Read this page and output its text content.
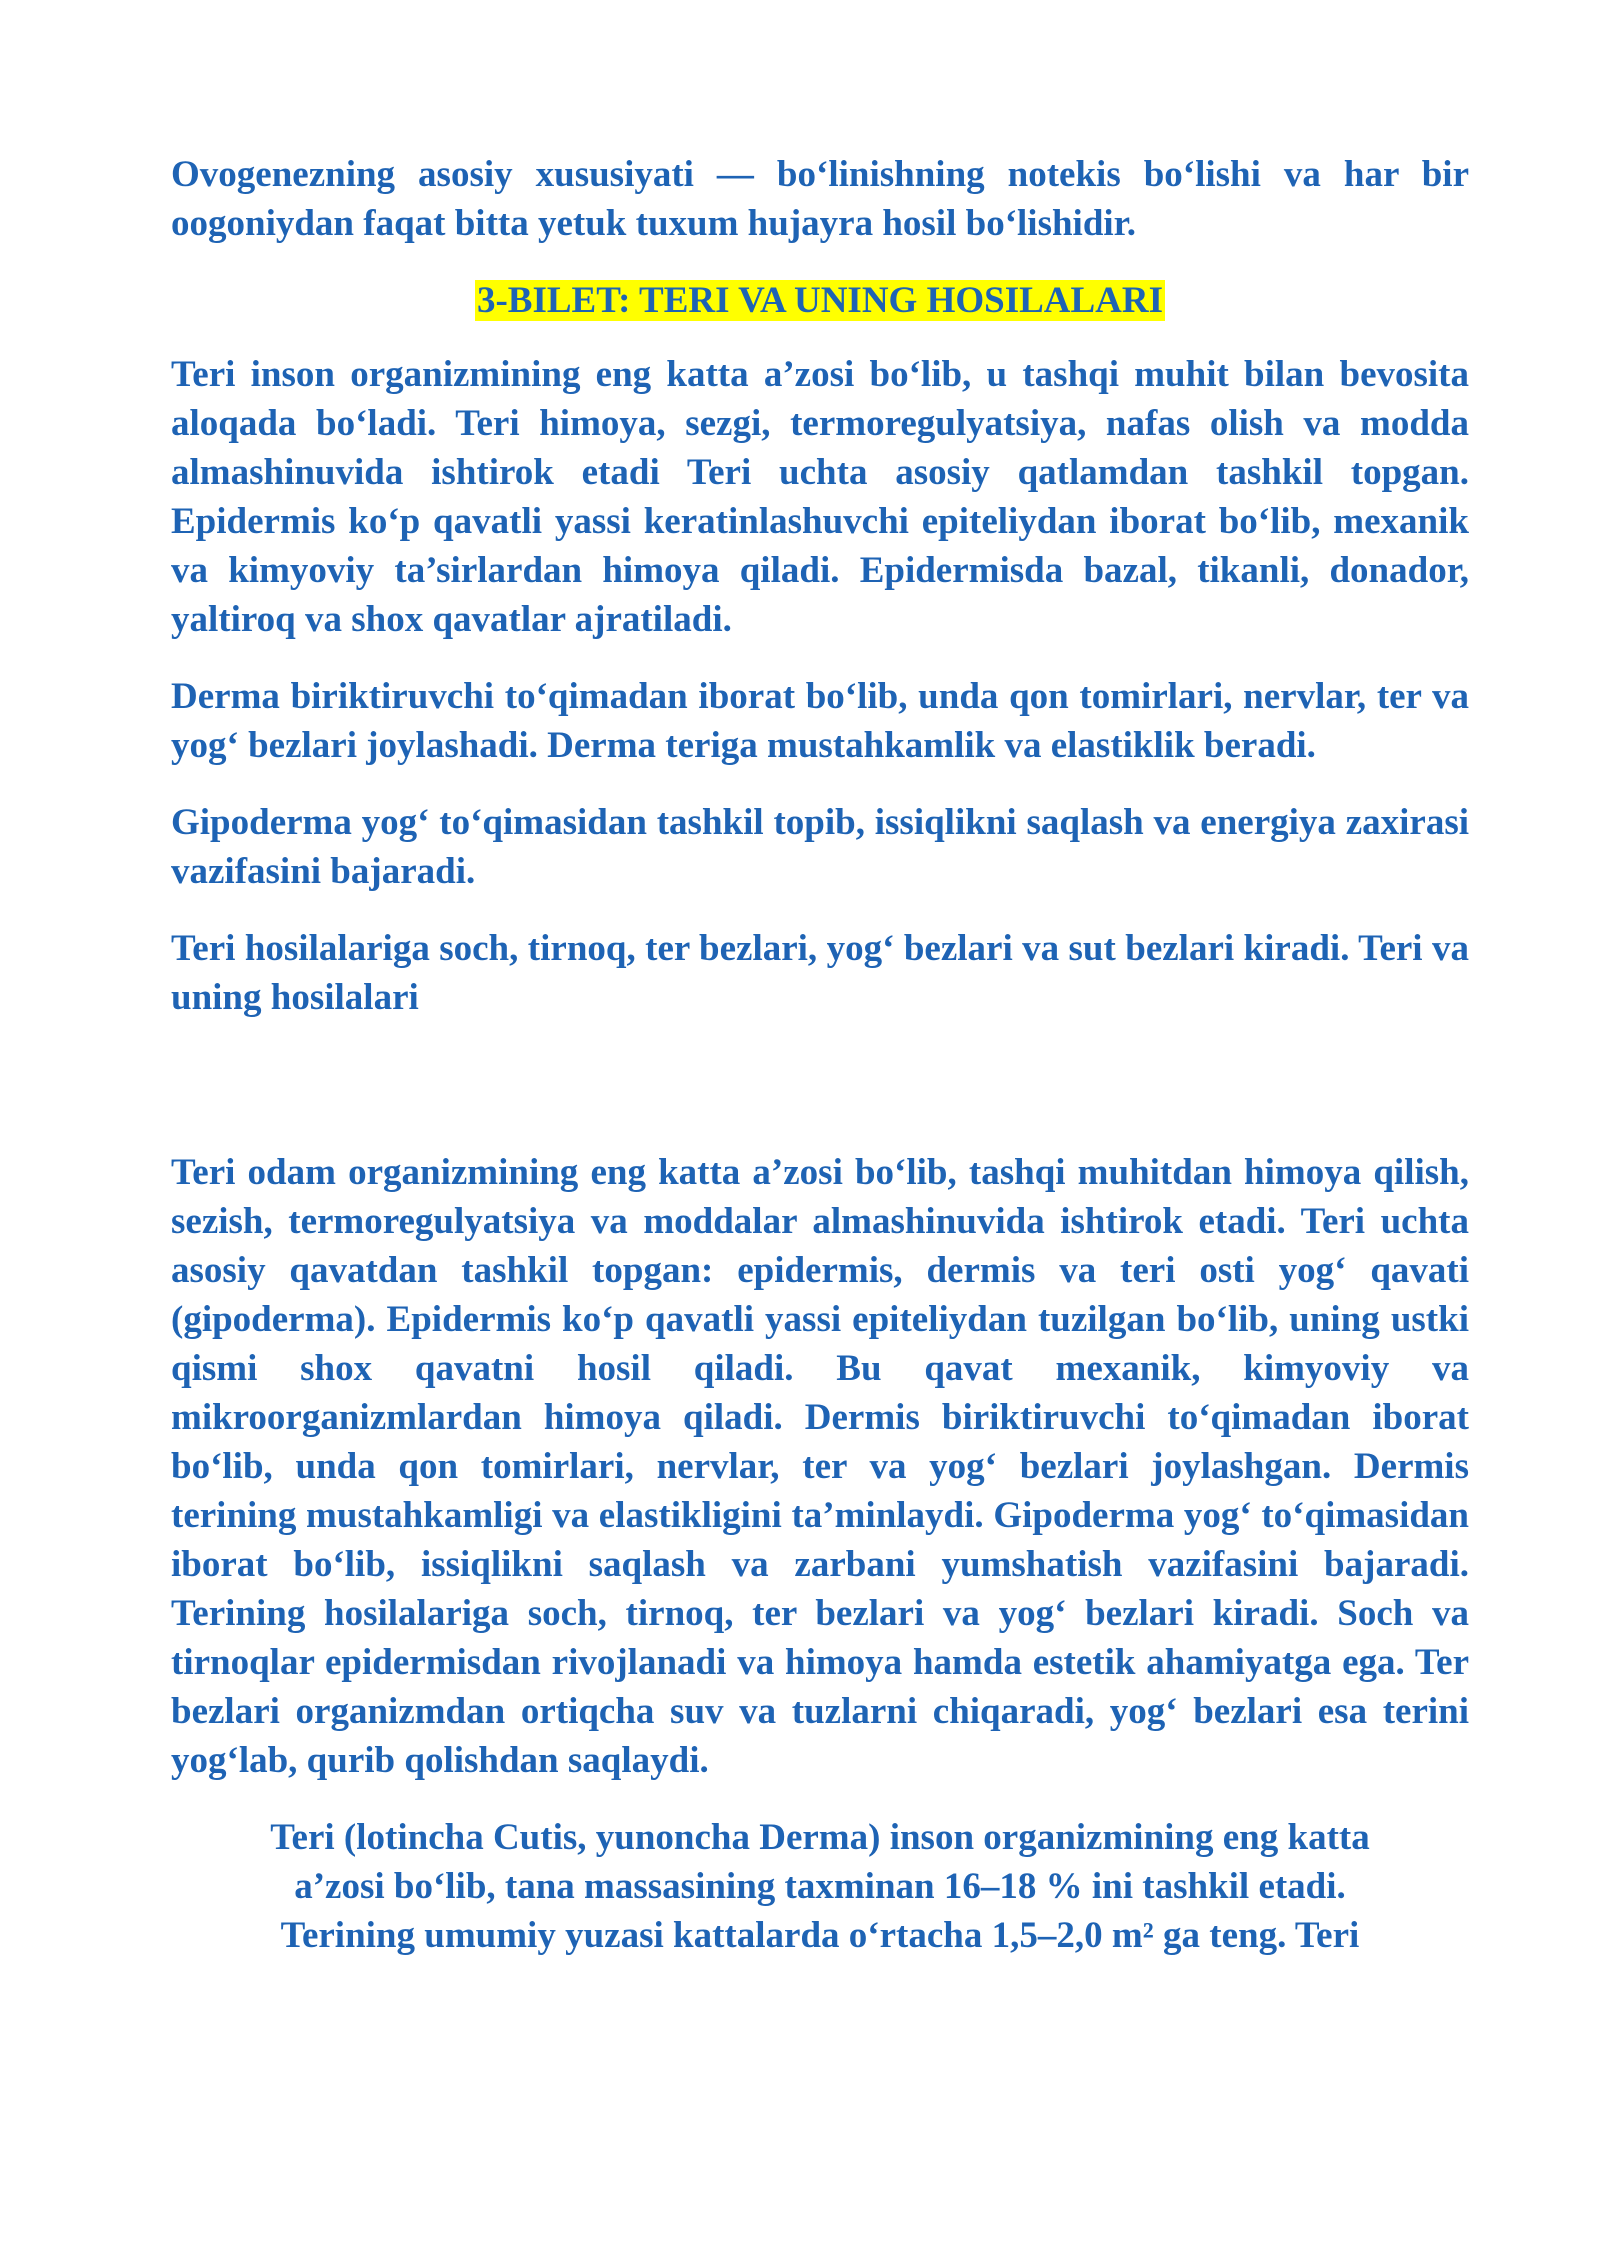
Ovogenezning asosiy xususiyati — bo‘linishning notekis bo‘lishi va har bir oogoniydan faqat bitta yetuk tuxum hujayra hosil bo‘lishidir.

3-BILET: TERI VA UNING HOSILALARI

Teri inson organizmining eng katta a’zosi bo‘lib, u tashqi muhit bilan bevosita aloqada bo‘ladi. Teri himoya, sezgi, termoregulyatsiya, nafas olish va modda almashinuvida ishtirok etadi Teri uchta asosiy qatlamdan tashkil topgan. Epidermis ko‘p qavatli yassi keratinlashuvchi epiteliydan iborat bo‘lib, mexanik va kimyoviy ta’sirlardan himoya qiladi. Epidermisda bazal, tikanli, donador, yaltiroq va shox qavatlar ajratiladi.

Derma biriktiruvchi to‘qimadan iborat bo‘lib, unda qon tomirlari, nervlar, ter va yog‘ bezlari joylashadi. Derma teriga mustahkamlik va elastiklik beradi.

Gipoderma yog‘ to‘qimasidan tashkil topib, issiqlikni saqlash va energiya zaxirasi vazifasini bajaradi.

Teri hosilalariga soch, tirnoq, ter bezlari, yog‘ bezlari va sut bezlari kiradi. Teri va uning hosilalari

Teri odam organizmining eng katta a’zosi bo‘lib, tashqi muhitdan himoya qilish, sezish, termoregulyatsiya va moddalar almashinuvida ishtirok etadi. Teri uchta asosiy qavatdan tashkil topgan: epidermis, dermis va teri osti yog‘ qavati (gipoderma). Epidermis ko‘p qavatli yassi epiteliydan tuzilgan bo‘lib, uning ustki qismi shox qavatni hosil qiladi. Bu qavat mexanik, kimyoviy va mikroorganizmlardan himoya qiladi. Dermis biriktiruvchi to‘qimadan iborat bo‘lib, unda qon tomirlari, nervlar, ter va yog‘ bezlari joylashgan. Dermis terining mustahkamligi va elastikligini ta’minlaydi. Gipoderma yog‘ to‘qimasidan iborat bo‘lib, issiqlikni saqlash va zarbani yumshatish vazifasini bajaradi. Terining hosilalariga soch, tirnoq, ter bezlari va yog‘ bezlari kiradi. Soch va tirnoqlar epidermisdan rivojlanadi va himoya hamda estetik ahamiyatga ega. Ter bezlari organizmdan ortiqcha suv va tuzlarni chiqaradi, yog‘ bezlari esa terini yog‘lab, qurib qolishdan saqlaydi.

Teri (lotincha Cutis, yunoncha Derma) inson organizmining eng katta
a’zosi bo‘lib, tana massasining taxminan 16–18 % ini tashkil etadi.
Terining umumiy yuzasi kattalarda o‘rtacha 1,5–2,0 m² ga teng. Teri
